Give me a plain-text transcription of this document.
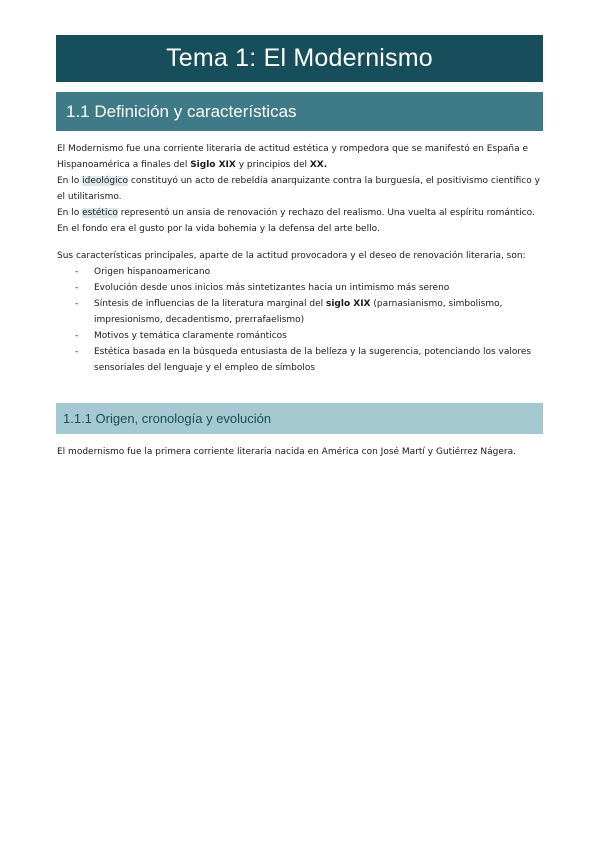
Tema 1: El Modernismo
1.1 Definición y características

El Modernismo fue una corriente literaria de actitud estética y rompedora que se manifestó en España e Hispanoamérica a finales del Siglo XIX y principios del XX.

En lo ideológico constituyó un acto de rebeldía anarquizante contra la burguesía, el positivismo científico y el utilitarismo.

En lo estético representó un ansia de renovación y rechazo del realismo. Una vuelta al espíritu romántico.

En el fondo era el gusto por la vida bohemia y la defensa del arte bello.

Sus características principales, aparte de la actitud provocadora y el deseo de renovación literaria, son:
- Origen hispanoamericano
- Evolución desde unos inicios más sintetizantes hacia un intimismo más sereno
- Síntesis de influencias de la literatura marginal del siglo XIX (parnasianismo, simbolismo, impresionismo, decadentismo, prerrafaelismo)
- Motivos y temática claramente románticos
- Estética basada en la búsqueda entusiasta de la belleza y la sugerencia, potenciando los valores sensoriales del lenguaje y el empleo de símbolos
1.1.1 Origen, cronología y evolución
El modernismo fue la primera corriente literaria nacida en América con José Martí y Gutiérrez Nágera.
